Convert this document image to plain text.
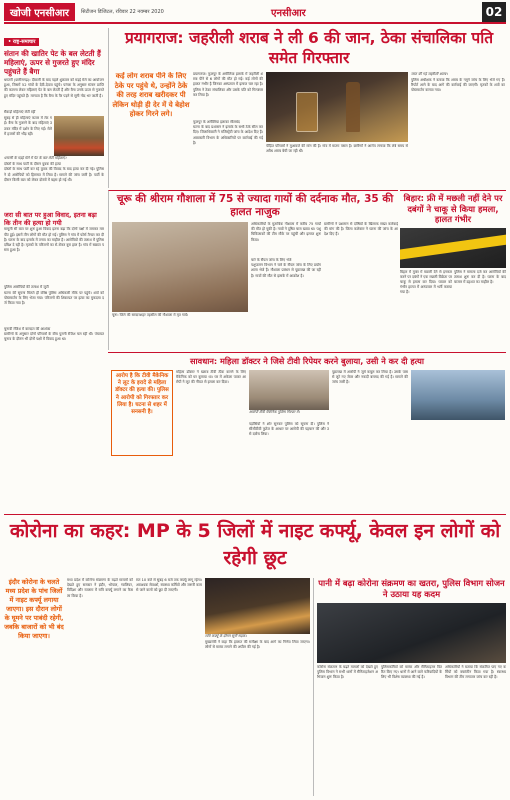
खोजी एनसीआर	सिटीजन डिजिटल, रविवार 22 नवम्बर 2020	एनसीआर	02
• राष्ट्र-समाचार
संतान की खातिर पेट के बल लेटती हैं महिलाएं, ऊपर से गुजरते हुए मंदिर पहुंचते हैं बैगा
धमतरी (छत्तीसगढ़)। दीवाली के बाद पहले शुक्रवार को मड़ई मेले का आयोजन हुआ, जिसमें 52 गांवों के देवी-देवता पहुंचे। परंपरा के अनुसार संतान प्राप्ति की कामना लेकर महिलाएं पेट के बल लेटती हैं और बैगा उनके ऊपर से गुजरते हुए मंदिर पहुंचते हैं। मान्यता है कि बैगा के पैर पड़ने से सूनी गोद भर जाती है।
सैकड़ों महिलाएं लेटी रहीं
सुबह से ही महिलाएं कतार में लेट गईं। बैगा के गुजरने के बाद महिलाएं उठकर मंदिर में दर्शन के लिए गईं। मेले में हजारों की भीड़ रही।
धमतरी के मड़ई मेले में पेट के बल लेटी महिलाएं।
दोस्तों के साथ पार्टी के दौरान युवक की हत्या
दोस्तों के साथ पार्टी कर रहे युवक की विवाद के बाद हत्या कर दी गई। पुलिस ने दो आरोपियों को हिरासत में लिया है। मामले की जांच जारी है। पार्टी के दौरान किसी बात को लेकर दोस्तों में बहस हो गई थी।
जरा सी बात पर हुआ विवाद, इतना बढ़ा कि तीन की हत्या हो गयी
मामूली सी बात पर शुरू हुआ विवाद इतना बढ़ा कि दोनों पक्षों में जमकर मारपीट हुई। इसमें तीन लोगों की मौत हो गई। पुलिस ने गांव में फोर्स तैनात कर दी है। घटना के बाद इलाके में तनाव का माहौल है। आरोपियों की तलाश में पुलिस दबिश दे रही है। मृतकों के परिजनों का रो-रोकर बुरा हाल है। गांव में सन्नाटा पसरा हुआ है।
पुलिस आरोपियों की तलाश में जुटी
घटना की सूचना मिलते ही वरिष्ठ पुलिस अधिकारी मौके पर पहुंचे। शवों को पोस्टमार्टम के लिए भेजा गया। परिजनों की शिकायत पर हत्या का मुकदमा दर्ज किया गया है।
चुनावी रंजिश में वारदात की आशंका
ग्रामीणों के अनुसार दोनों परिवारों के बीच पुरानी रंजिश चल रही थी। पंचायत चुनाव के दौरान भी दोनों पक्षों में विवाद हुआ था।
प्रयागराज: जहरीली शराब ने ली 6 की जान, ठेका संचालिका पति समेत गिरफ्तार
कई लोग शराब पीने के लिए ठेके पर पहुंचे थे, उन्होंने ठेके की तरह शराब खरीदकर पी लेकिन थोड़ी ही देर में ये बेहोश होकर गिरने लगे।
प्रयागराज। फूलपुर के अमीलिया इलाके में जहरीली शराब पीने से 6 लोगों की मौत हो गई। कई लोगों की हालत गंभीर है जिनका अस्पताल में इलाज चल रहा है। पुलिस ने ठेका संचालिका और उसके पति को गिरफ्तार कर लिया है।
फूलपुर के अमीलिया इलाका सीलबंद
घटना के बाद प्रशासन ने इलाके के सभी ठेके सील कर दिए। जिलाधिकारी ने मजिस्ट्रेटी जांच के आदेश दिए हैं। आबकारी विभाग के अधिकारियों पर कार्रवाई की गई है।
पीड़ित परिवारों ने मुआवजे की मांग की है। गांव में मातम पसरा है। ग्रामीणों ने आरोप लगाया कि लंबे समय से अवैध शराब बेची जा रही थी।
जब्त की गई जहरीली शराब।
पुलिस अधीक्षक ने बताया कि शराब के नमूने जांच के लिए भेजे गए हैं। रिपोर्ट आने के बाद आगे की कार्रवाई की जाएगी। मृतकों के शवों का पोस्टमार्टम कराया गया।
चूरू की श्रीराम गौशाला में 75 से ज्यादा गायों की दर्दनाक मौत, 35 की हालत नाजुक
चूरू। जिले की सरदारशहर तहसील की गौशाला में मृत गायें।
अधिकारियों के मुताबिक गौशाला में करीब 75 गायों की मौत हो चुकी है। गायों ने दूषित चारा खाया था। पशु चिकित्सकों की टीम मौके पर पहुंची और इलाज शुरू किया।
चारे के सैंपल जांच के लिए भेजे
पशुपालन विभाग ने चारे के सैंपल जांच के लिए प्रयोगशाला भेजे हैं। गौशाला प्रबंधन से पूछताछ की जा रही है। गायों की मौत से इलाके में आक्रोश है।
ग्रामीणों ने प्रशासन से दोषियों के खिलाफ सख्त कार्रवाई की मांग की है। जिला कलेक्टर ने घटना की जांच के आदेश दिए हैं।
बिहार: फ्री में मछली नहीं देने पर दबंगों ने चाकू से किया हमला, हालत गंभीर
बिहार में मुफ्त में मछली देने से इनकार करने पर दबंगों ने एक मछली विक्रेता पर चाकू से हमला कर दिया। घायल को गंभीर हालत में अस्पताल में भर्ती कराया गया है।
पुलिस ने मामला दर्ज कर आरोपियों की तलाश शुरू कर दी है। घटना के बाद बाजार में दहशत का माहौल है।
सावधान: महिला डॉक्टर ने जिसे टीवी रिपेयर करने बुलाया, उसी ने कर दी हत्या
आरोप है कि टीवी मैकेनिक ने लूट के इरादे से महिला डॉक्टर की हत्या की। पुलिस ने आरोपी को गिरफ्तार कर लिया है। घटना से शहर में सनसनी है।
महिला डॉक्टर ने खराब टीवी ठीक कराने के लिए मैकेनिक को घर बुलाया था। घर में अकेला पाकर आरोपी ने लूट की नीयत से हमला कर दिया।
आरोपी टीवी मैकेनिक पुलिस गिरफ्त में।
पड़ोसियों ने शोर सुनकर पुलिस को सूचना दी। पुलिस ने सीसीटीवी फुटेज के आधार पर आरोपी की पहचान की और उसे दबोच लिया।
पूछताछ में आरोपी ने जुर्म कबूल कर लिया है। उसके पास से लूटे गए जेवर और नकदी बरामद की गई है। मामले की जांच जारी है।
कोरोना का कहर: MP के 5 जिलों में नाइट कर्फ्यू, केवल इन लोगों को रहेगी छूट
इंदौर कोरोना के चलते मध्य प्रदेश के पांच जिलों में नाइट कर्फ्यू लगाया जाएगा। इस दौरान लोगों के घूमने पर पाबंदी रहेगी, जबकि बाजारों को भी बंद किया जाएगा।
मध्य प्रदेश में कोरोना संक्रमण के बढ़ते मामलों को देखते हुए सरकार ने इंदौर, भोपाल, ग्वालियर, विदिशा और रतलाम में रात्रि कर्फ्यू लगाने का फैसला किया है।
रात 10 बजे से सुबह 6 बजे तक कर्फ्यू लागू रहेगा। आवश्यक सेवाओं, स्वास्थ्य कर्मियों और जरूरी काम से जाने वालों को छूट दी जाएगी।
रात्रि कर्फ्यू के दौरान सूनी सड़क।
मुख्यमंत्री ने कहा कि हालात की समीक्षा के बाद आगे का निर्णय लिया जाएगा। लोगों से मास्क लगाने की अपील की गई है।
पानी में बढ़ा कोरोना संक्रमण का खतरा, पुलिस विभाग सोजन ने उठाया यह कदम
कोरोना संक्रमण के बढ़ते मामलों को देखते हुए पुलिस विभाग ने सभी थानों में सैनिटाइजेशन अभियान शुरू किया है।
पुलिसकर्मियों को मास्क और सैनिटाइजर वितरित किए गए। थानों में आने वाले फरियादियों के लिए भी विशेष व्यवस्था की गई है।
अधिकारियों ने बताया कि संक्रमित पाए गए कर्मियों को क्वारंटीन किया गया है। स्वास्थ्य विभाग की टीम लगातार जांच कर रही है।
